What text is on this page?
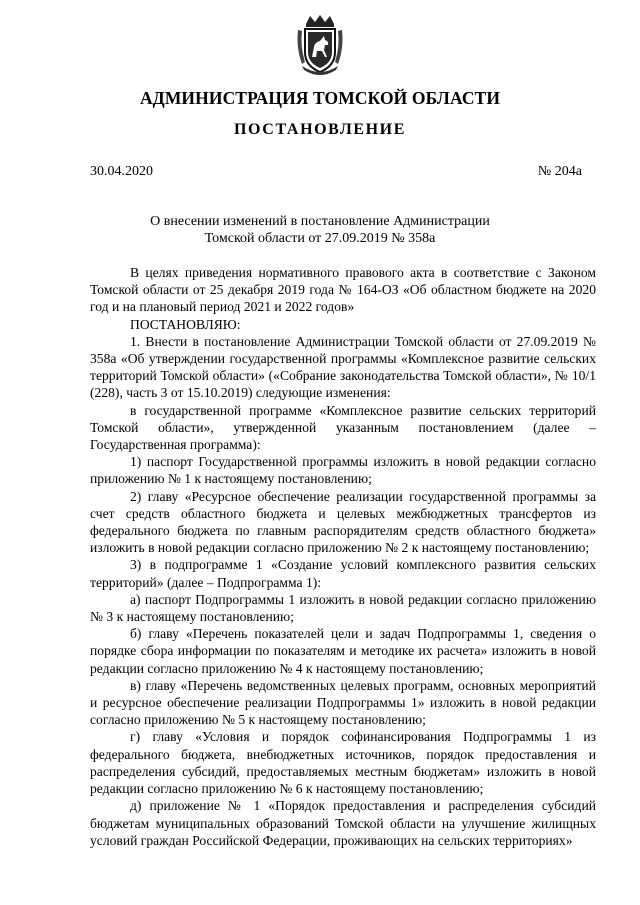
АДМИНИСТРАЦИЯ ТОМСКОЙ ОБЛАСТИ
ПОСТАНОВЛЕНИЕ
30.04.2020	№ 204а
О внесении изменений в постановление Администрации
Томской области от 27.09.2019 № 358а

В целях приведения нормативного правового акта в соответствие с Законом Томской области от 25 декабря 2019 года № 164-ОЗ «Об областном бюджете на 2020 год и на плановый период 2021 и 2022 годов»

ПОСТАНОВЛЯЮ:

1. Внести в постановление Администрации Томской области от 27.09.2019 № 358а «Об утверждении государственной программы «Комплексное развитие сельских территорий Томской области» («Собрание законодательства Томской области», № 10/1 (228), часть 3 от 15.10.2019) следующие изменения:

в государственной программе «Комплексное развитие сельских территорий Томской области», утвержденной указанным постановлением (далее – Государственная программа):

1) паспорт Государственной программы изложить в новой редакции согласно приложению № 1 к настоящему постановлению;

2) главу «Ресурсное обеспечение реализации государственной программы за счет средств областного бюджета и целевых межбюджетных трансфертов из федерального бюджета по главным распорядителям средств областного бюджета» изложить в новой редакции согласно приложению № 2 к настоящему постановлению;

3) в подпрограмме 1 «Создание условий комплексного развития сельских территорий» (далее – Подпрограмма 1):

а) паспорт Подпрограммы 1 изложить в новой редакции согласно приложению № 3 к настоящему постановлению;

б) главу «Перечень показателей цели и задач Подпрограммы 1, сведения о порядке сбора информации по показателям и методике их расчета» изложить в новой редакции согласно приложению № 4 к настоящему постановлению;

в) главу «Перечень ведомственных целевых программ, основных мероприятий и ресурсное обеспечение реализации Подпрограммы 1» изложить в новой редакции согласно приложению № 5 к настоящему постановлению;

г) главу «Условия и порядок софинансирования Подпрограммы 1 из федерального бюджета, внебюджетных источников, порядок предоставления и распределения субсидий, предоставляемых местным бюджетам» изложить в новой редакции согласно приложению № 6 к настоящему постановлению;

д) приложение № 1 «Порядок предоставления и распределения субсидий бюджетам муниципальных образований Томской области на улучшение жилищных условий граждан Российской Федерации, проживающих на сельских территориях»
